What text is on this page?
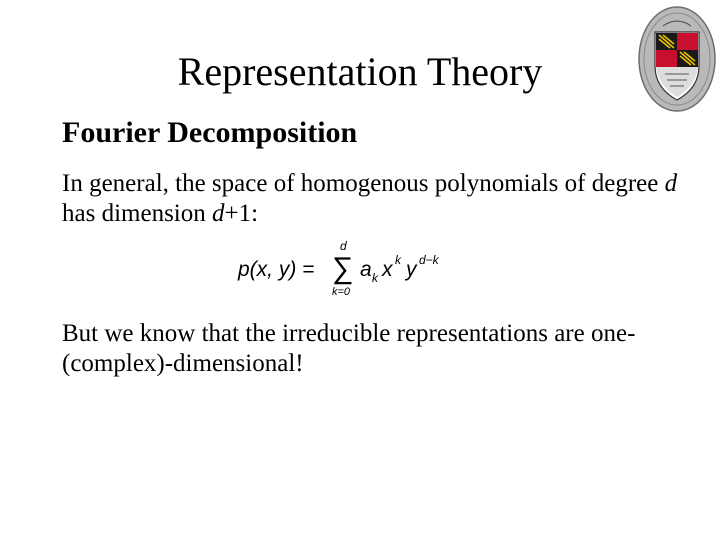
Representation Theory
Fourier Decomposition
In general, the space of homogenous polynomials of degree d has dimension d+1:
p(x, y) =
d
∑
k=0
a k x k y d−k
But we know that the irreducible representations are one-(complex)-dimensional!
